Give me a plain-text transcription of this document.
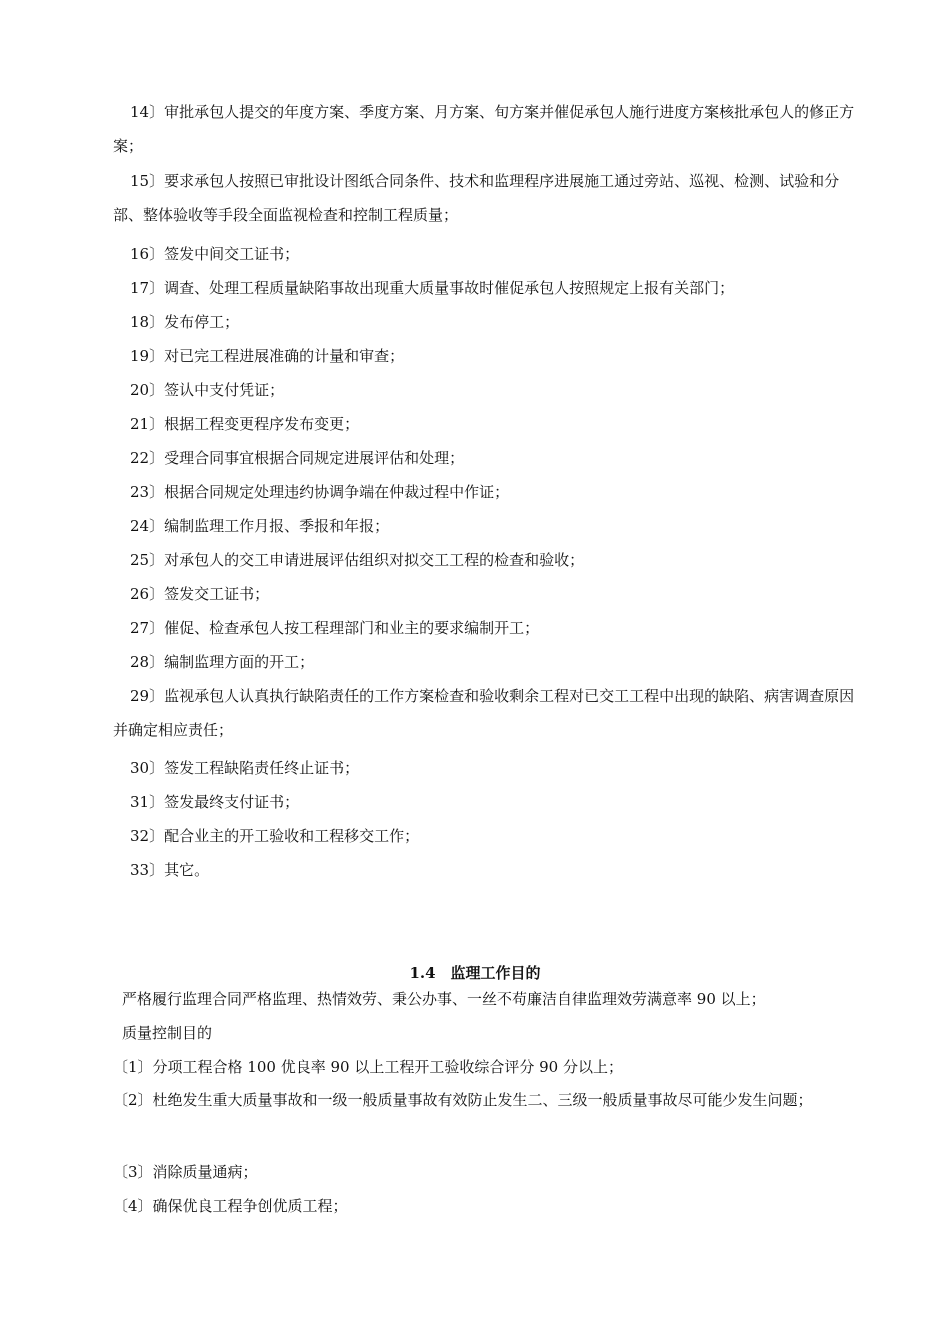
14〕审批承包人提交的年度方案、季度方案、月方案、旬方案并催促承包人施行进度方案核批承包人的修正方案；
15〕要求承包人按照已审批设计图纸合同条件、技术和监理程序进展施工通过旁站、巡视、检测、试验和分部、整体验收等手段全面监视检查和控制工程质量；
16〕签发中间交工证书；
17〕调查、处理工程质量缺陷事故出现重大质量事故时催促承包人按照规定上报有关部门；
18〕发布停工；
19〕对已完工程进展准确的计量和审查；
20〕签认中支付凭证；
21〕根据工程变更程序发布变更；
22〕受理合同事宜根据合同规定进展评估和处理；
23〕根据合同规定处理违约协调争端在仲裁过程中作证；
24〕编制监理工作月报、季报和年报；
25〕对承包人的交工申请进展评估组织对拟交工工程的检查和验收；
26〕签发交工证书；
27〕催促、检查承包人按工程理部门和业主的要求编制开工；
28〕编制监理方面的开工；
29〕监视承包人认真执行缺陷责任的工作方案检查和验收剩余工程对已交工工程中出现的缺陷、病害调查原因并确定相应责任；
30〕签发工程缺陷责任终止证书；
31〕签发最终支付证书；
32〕配合业主的开工验收和工程移交工作；
33〕其它。
1.4　监理工作目的
严格履行监理合同严格监理、热情效劳、秉公办事、一丝不苟廉洁自律监理效劳满意率 90 以上；
质量控制目的
〔1〕分项工程合格 100 优良率 90 以上工程开工验收综合评分 90 分以上；
〔2〕杜绝发生重大质量事故和一级一般质量事故有效防止发生二、三级一般质量事故尽可能少发生问题；
〔3〕消除质量通病；
〔4〕确保优良工程争创优质工程；
